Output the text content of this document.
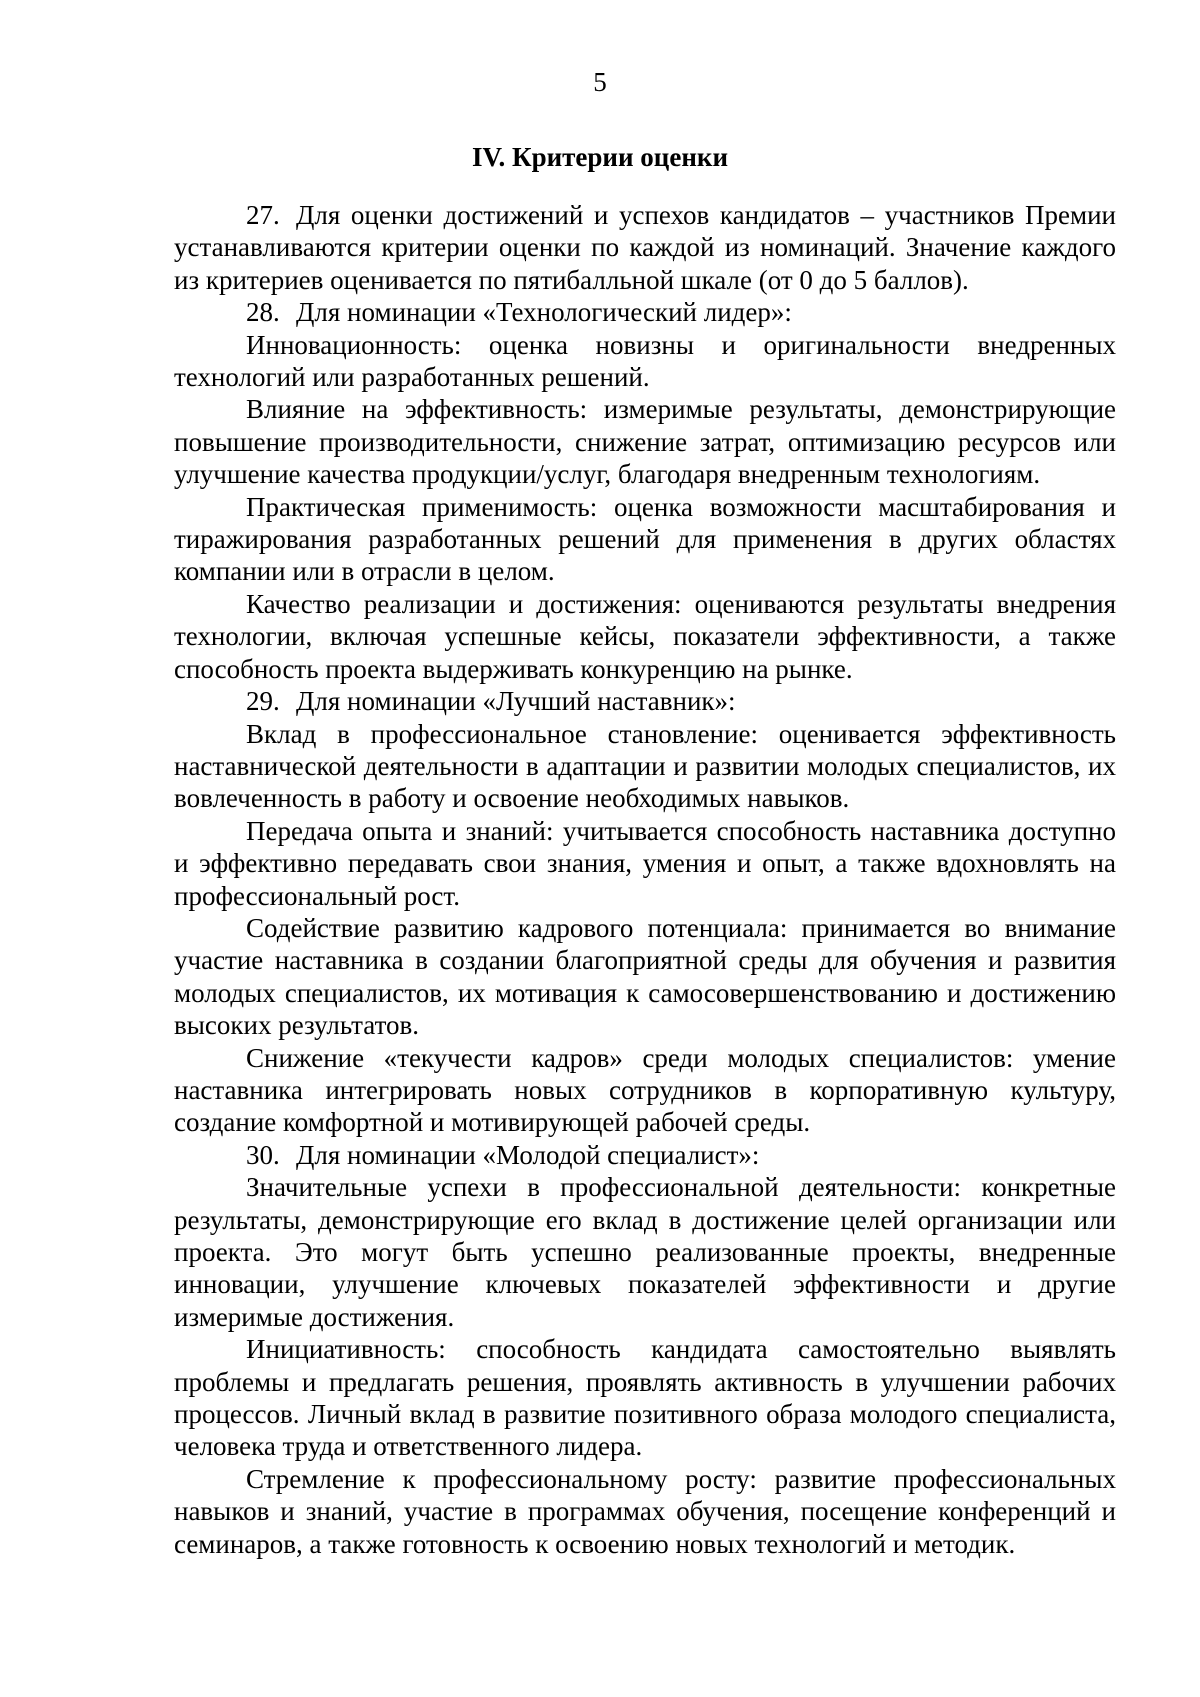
5
IV. Критерии оценки

27. Для оценки достижений и успехов кандидатов – участников Премии устанавливаются критерии оценки по каждой из номинаций. Значение каждого из критериев оценивается по пятибалльной шкале (от 0 до 5 баллов).

28. Для номинации «Технологический лидер»:

Инновационность: оценка новизны и оригинальности внедренных технологий или разработанных решений.

Влияние на эффективность: измеримые результаты, демонстрирующие повышение производительности, снижение затрат, оптимизацию ресурсов или улучшение качества продукции/услуг, благодаря внедренным технологиям.

Практическая применимость: оценка возможности масштабирования и тиражирования разработанных решений для применения в других областях компании или в отрасли в целом.

Качество реализации и достижения: оцениваются результаты внедрения технологии, включая успешные кейсы, показатели эффективности, а также способность проекта выдерживать конкуренцию на рынке.

29. Для номинации «Лучший наставник»:

Вклад в профессиональное становление: оценивается эффективность наставнической деятельности в адаптации и развитии молодых специалистов, их вовлеченность в работу и освоение необходимых навыков.

Передача опыта и знаний: учитывается способность наставника доступно и эффективно передавать свои знания, умения и опыт, а также вдохновлять на профессиональный рост.

Содействие развитию кадрового потенциала: принимается во внимание участие наставника в создании благоприятной среды для обучения и развития молодых специалистов, их мотивация к самосовершенствованию и достижению высоких результатов.

Снижение «текучести кадров» среди молодых специалистов: умение наставника интегрировать новых сотрудников в корпоративную культуру, создание комфортной и мотивирующей рабочей среды.

30. Для номинации «Молодой специалист»:

Значительные успехи в профессиональной деятельности: конкретные результаты, демонстрирующие его вклад в достижение целей организации или проекта. Это могут быть успешно реализованные проекты, внедренные инновации, улучшение ключевых показателей эффективности и другие измеримые достижения.

Инициативность: способность кандидата самостоятельно выявлять проблемы и предлагать решения, проявлять активность в улучшении рабочих процессов. Личный вклад в развитие позитивного образа молодого специалиста, человека труда и ответственного лидера.

Стремление к профессиональному росту: развитие профессиональных навыков и знаний, участие в программах обучения, посещение конференций и семинаров, а также готовность к освоению новых технологий и методик.
